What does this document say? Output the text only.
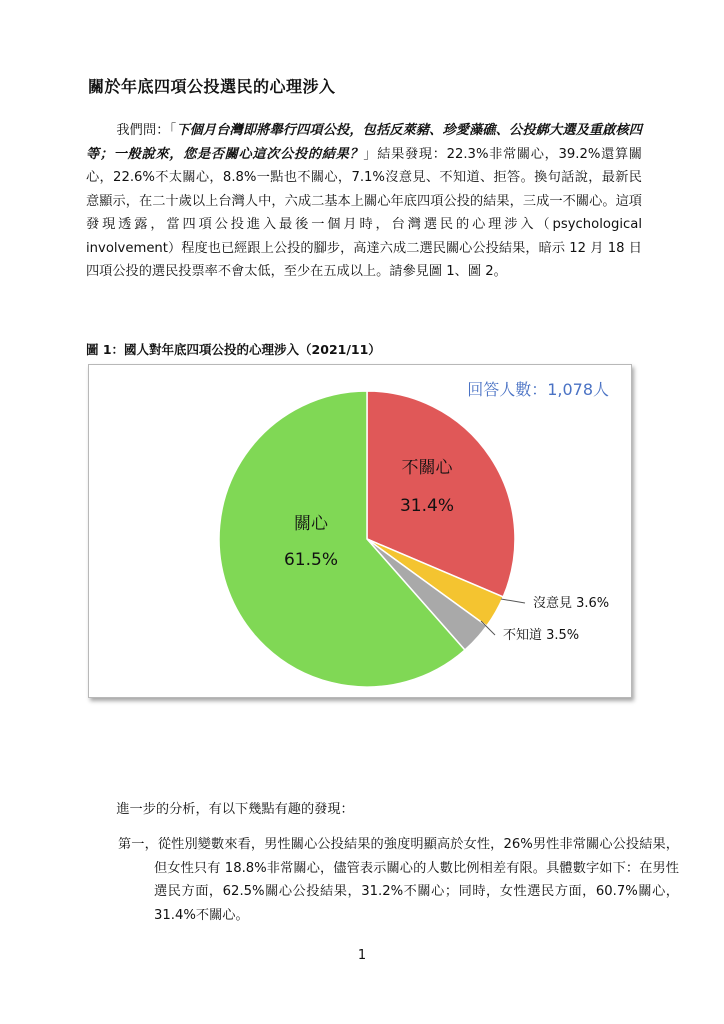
關於年底四項公投選民的心理涉入

我們問：「下個月台灣即將舉行四項公投，包括反萊豬、珍愛藻礁、公投綁大選及重啟核四等；一般說來，您是否關心這次公投的結果？」結果發現：22.3%非常關心，39.2%還算關心，22.6%不太關心，8.8%一點也不關心，7.1%沒意見、不知道、拒答。換句話說，最新民意顯示，在二十歲以上台灣人中，六成二基本上關心年底四項公投的結果，三成一不關心。這項發現透露，當四項公投進入最後一個月時，台灣選民的心理涉入（psychological involvement）程度也已經跟上公投的腳步，高達六成二選民關心公投結果，暗示 12 月 18 日四項公投的選民投票率不會太低，至少在五成以上。請參見圖 1、圖 2。

圖 1：國人對年底四項公投的心理涉入（2021/11）
不關心
31.4%
沒意見 3.6%
不知道 3.5%
關心
61.5%
回答人數：1,078人

進一步的分析，有以下幾點有趣的發現：

第一，從性別變數來看，男性關心公投結果的強度明顯高於女性，26%男性非常關心公投結果，但女性只有 18.8%非常關心，儘管表示關心的人數比例相差有限。具體數字如下：在男性選民方面，62.5%關心公投結果，31.2%不關心；同時，女性選民方面，60.7%關心，31.4%不關心。

1
